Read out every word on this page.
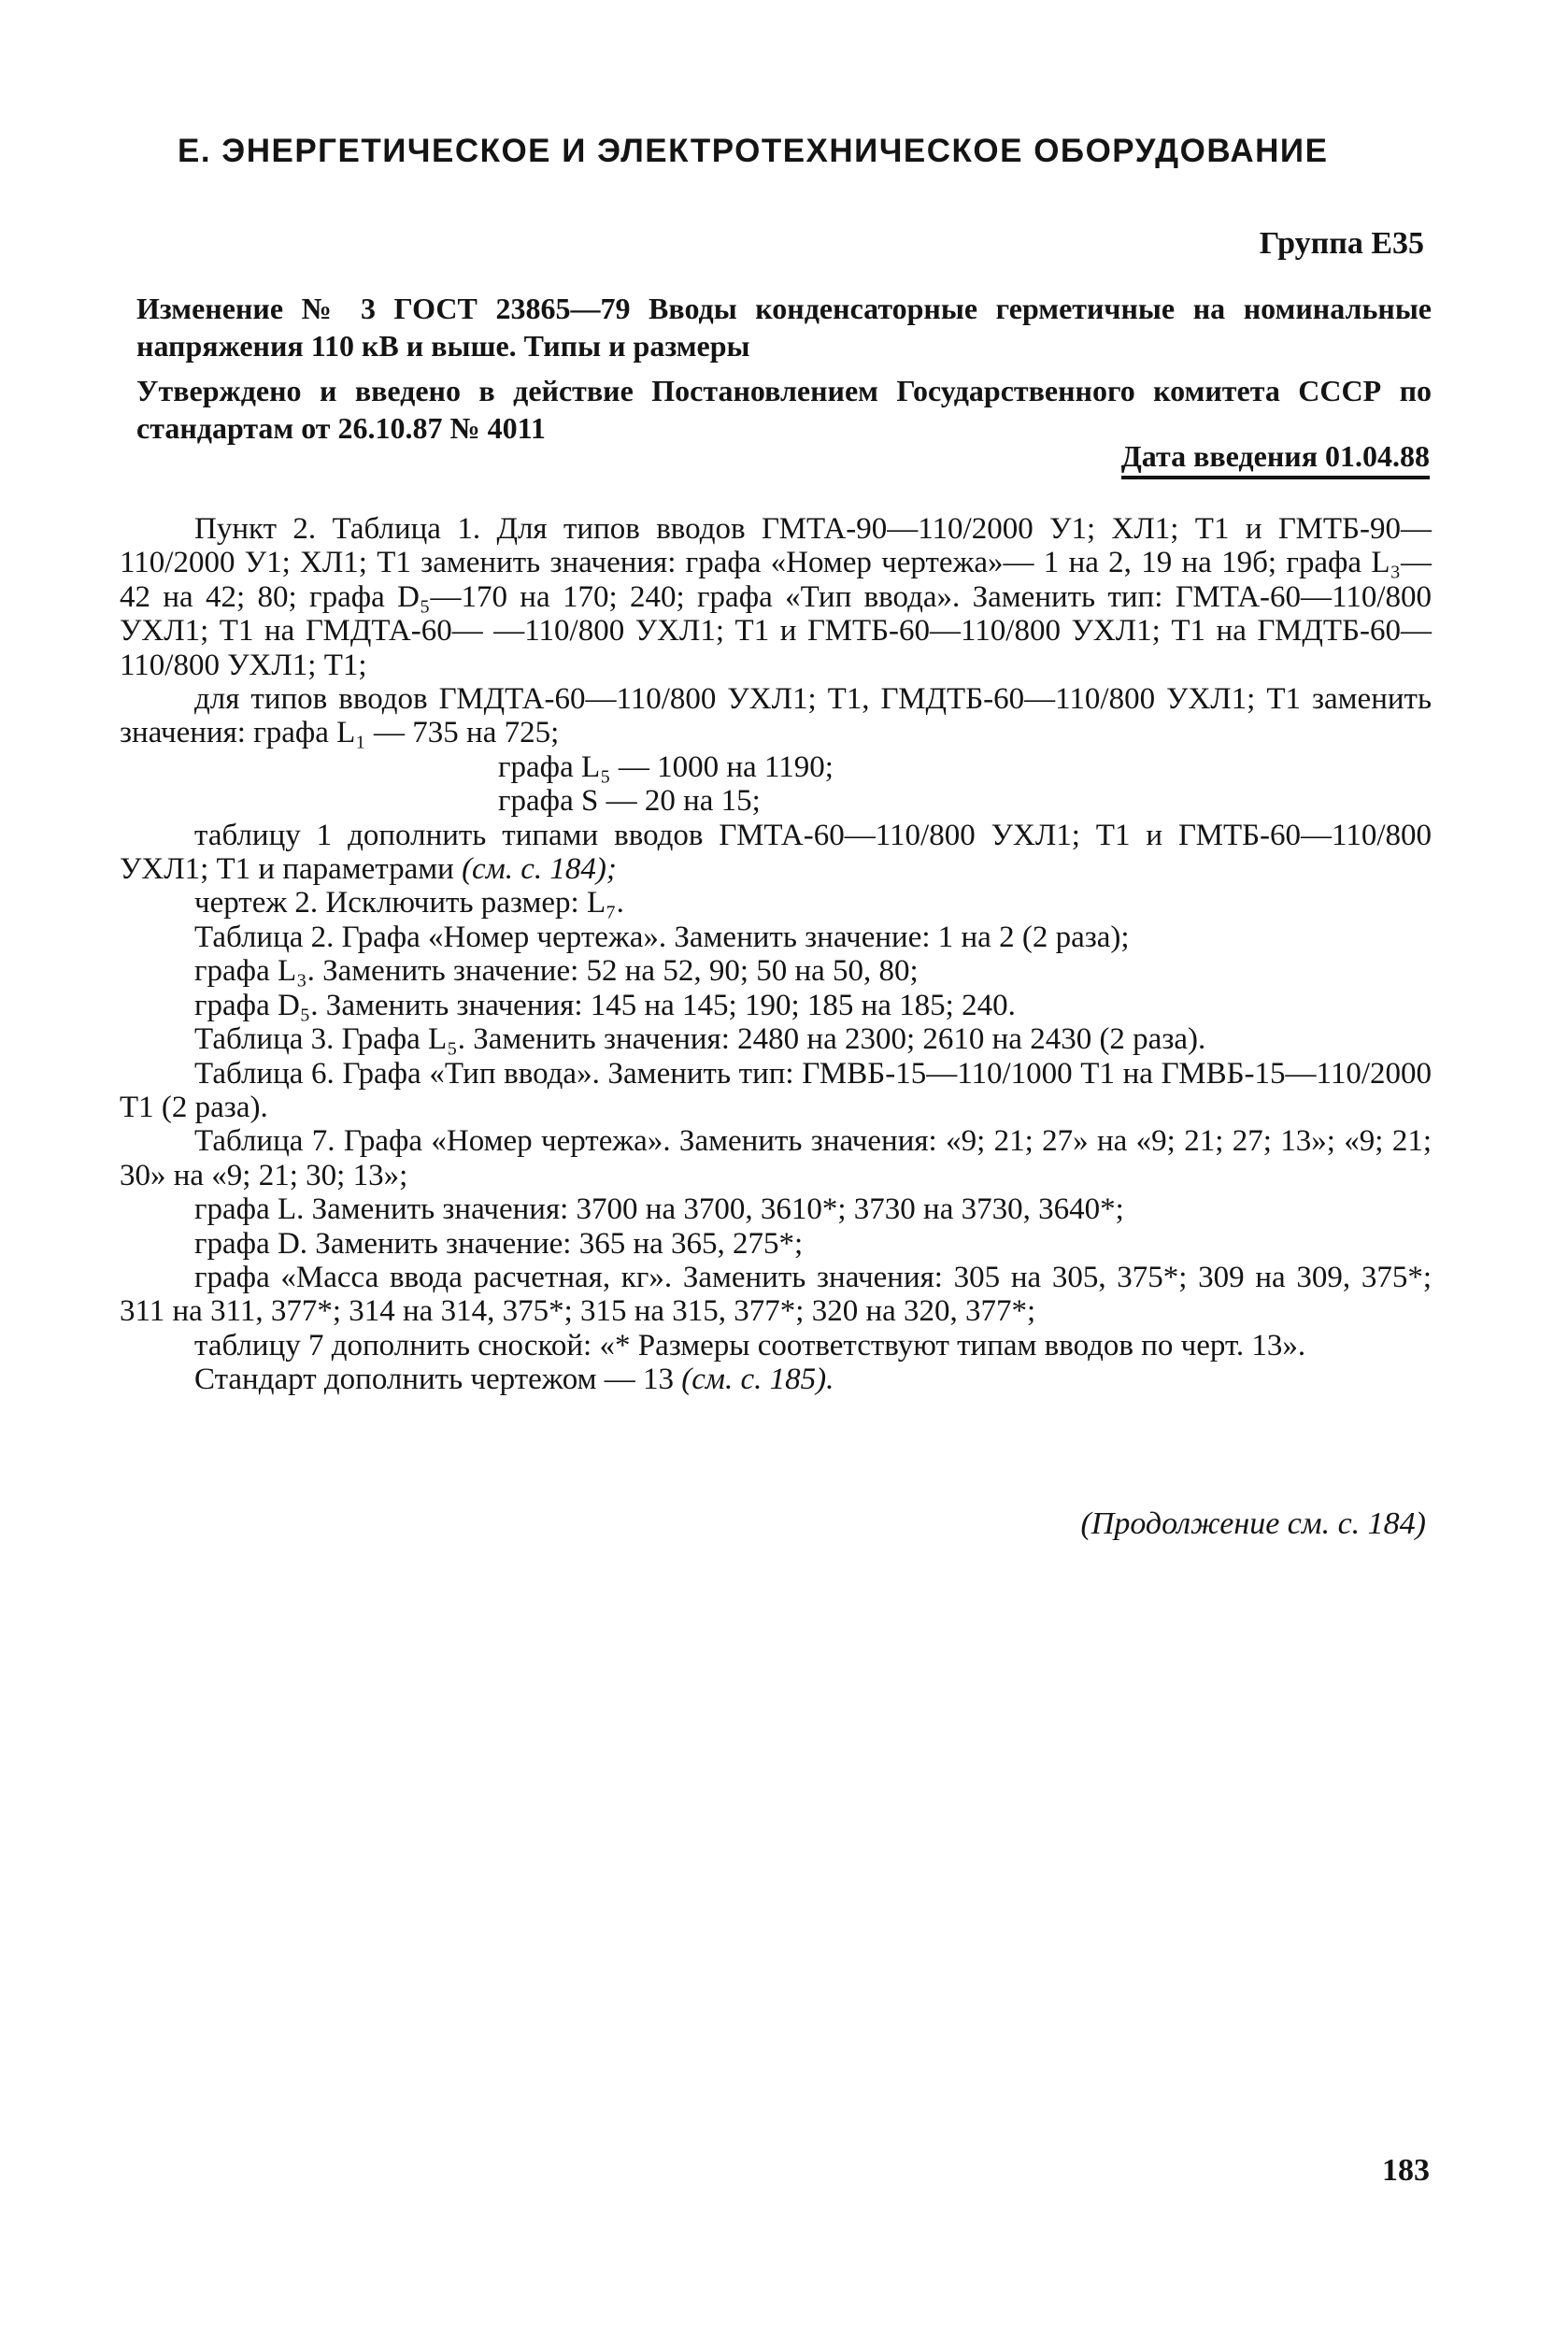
Е. ЭНЕРГЕТИЧЕСКОЕ И ЭЛЕКТРОТЕХНИЧЕСКОЕ ОБОРУДОВАНИЕ
Группа Е35
Изменение № 3 ГОСТ 23865—79 Вводы конденсаторные герметичные на номинальные напряжения 110 кВ и выше. Типы и размеры
Утверждено и введено в действие Постановлением Государственного комитета СССР по стандартам от 26.10.87 № 4011
Дата введения 01.04.88

Пункт 2. Таблица 1. Для типов вводов ГМТА-90—110/2000 У1; ХЛ1; Т1 и ГМТБ-90—110/2000 У1; ХЛ1; Т1 заменить значения: графа «Номер чертежа»— 1 на 2, 19 на 19б; графа L₃—42 на 42; 80; графа D₅—170 на 170; 240; графа «Тип ввода». Заменить тип: ГМТА-60—110/800 УХЛ1; Т1 на ГМДТА-60— —110/800 УХЛ1; Т1 и ГМТБ-60—110/800 УХЛ1; Т1 на ГМДТБ-60—110/800 УХЛ1; Т1;

для типов вводов ГМДТА-60—110/800 УХЛ1; Т1, ГМДТБ-60—110/800 УХЛ1; Т1 заменить значения: графа L₁ — 735 на 725;

графа L₅ — 1000 на 1190;

графа S — 20 на 15;

таблицу 1 дополнить типами вводов ГМТА-60—110/800 УХЛ1; Т1 и ГМТБ-60—110/800 УХЛ1; Т1 и параметрами (см. с. 184);

чертеж 2. Исключить размер: L₇.

Таблица 2. Графа «Номер чертежа». Заменить значение: 1 на 2 (2 раза);

графа L₃. Заменить значение: 52 на 52, 90; 50 на 50, 80;

графа D₅. Заменить значения: 145 на 145; 190; 185 на 185; 240.

Таблица 3. Графа L₅. Заменить значения: 2480 на 2300; 2610 на 2430 (2 раза).

Таблица 6. Графа «Тип ввода». Заменить тип: ГМВБ-15—110/1000 Т1 на ГМВБ-15—110/2000 Т1 (2 раза).

Таблица 7. Графа «Номер чертежа». Заменить значения: «9; 21; 27» на «9; 21; 27; 13»; «9; 21; 30» на «9; 21; 30; 13»;

графа L. Заменить значения: 3700 на 3700, 3610*; 3730 на 3730, 3640*;

графа D. Заменить значение: 365 на 365, 275*;

графа «Масса ввода расчетная, кг». Заменить значения: 305 на 305, 375*; 309 на 309, 375*; 311 на 311, 377*; 314 на 314, 375*; 315 на 315, 377*; 320 на 320, 377*;

таблицу 7 дополнить сноской: «* Размеры соответствуют типам вводов по черт. 13».

Стандарт дополнить чертежом — 13 (см. с. 185).

(Продолжение см. с. 184)
183
